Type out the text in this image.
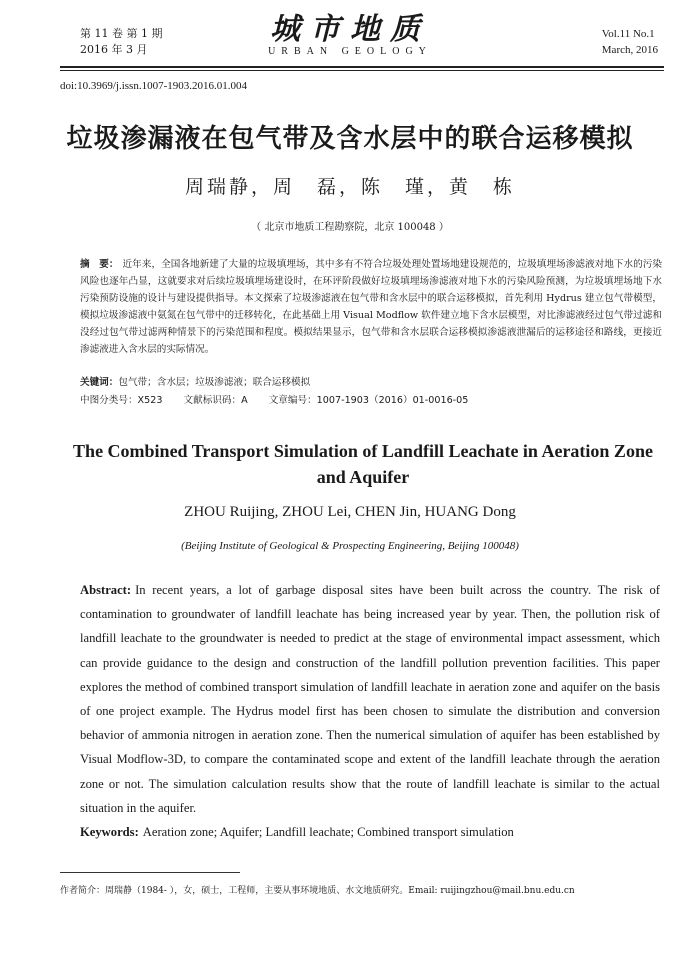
第 11 卷 第 1 期
2016 年 3 月
城市地质
URBAN GEOLOGY
Vol.11 No.1
March, 2016
doi:10.3969/j.issn.1007-1903.2016.01.004
垃圾渗漏液在包气带及含水层中的联合运移模拟
周瑞静，周　磊，陈　瑾，黄　栋
（ 北京市地质工程勘察院，北京 100048 ）
摘　要： 近年来，全国各地新建了大量的垃圾填埋场，其中多有不符合垃圾处理处置场地建设规范的，垃圾填埋场渗滤液对地下水的污染风险也逐年凸显，这就要求对后续垃圾填埋场建设时，在环评阶段做好垃圾填埋场渗滤液对地下水的污染风险预测，为垃圾填埋场地下水污染预防设施的设计与建设提供指导。本文探索了垃圾渗滤液在包气带和含水层中的联合运移模拟，首先利用 Hydrus 建立包气带模型，模拟垃圾渗滤液中氨氮在包气带中的迁移转化，在此基础上用 Visual Modflow 软件建立地下含水层模型，对比渗滤液经过包气带过滤和没经过包气带过滤两种情景下的污染范围和程度。模拟结果显示，包气带和含水层联合运移模拟渗滤液泄漏后的运移途径和路线，更接近渗滤液进入含水层的实际情况。
关键词：包气带；含水层；垃圾渗滤液；联合运移模拟
中图分类号：X523 文献标识码：A 文章编号：1007-1903（2016）01-0016-05
The Combined Transport Simulation of Landfill Leachate in Aeration Zone and Aquifer
ZHOU Ruijing, ZHOU Lei, CHEN Jin, HUANG Dong
(Beijing Institute of Geological & Prospecting Engineering, Beijing 100048)
Abstract: In recent years, a lot of garbage disposal sites have been built across the country. The risk of contamination to groundwater of landfill leachate has being increased year by year. Then, the pollution risk of landfill leachate to the groundwater is needed to predict at the stage of environmental impact assessment, which can provide guidance to the design and construction of the landfill pollution prevention facilities. This paper explores the method of combined transport simulation of landfill leachate in aeration zone and aquifer on the basis of one project example. The Hydrus model first has been chosen to simulate the distribution and conversion behavior of ammonia nitrogen in aeration zone. Then the numerical simulation of aquifer has been established by Visual Modflow-3D, to compare the contaminated scope and extent of the landfill leachate through the aeration zone or not. The simulation calculation results show that the route of landfill leachate is similar to the actual situation in the aquifer.
Keywords: Aeration zone; Aquifer; Landfill leachate; Combined transport simulation
作者简介：周瑞静（1984- ），女，硕士，工程师，主要从事环境地质、水文地质研究。Email: ruijingzhou@mail.bnu.edu.cn
